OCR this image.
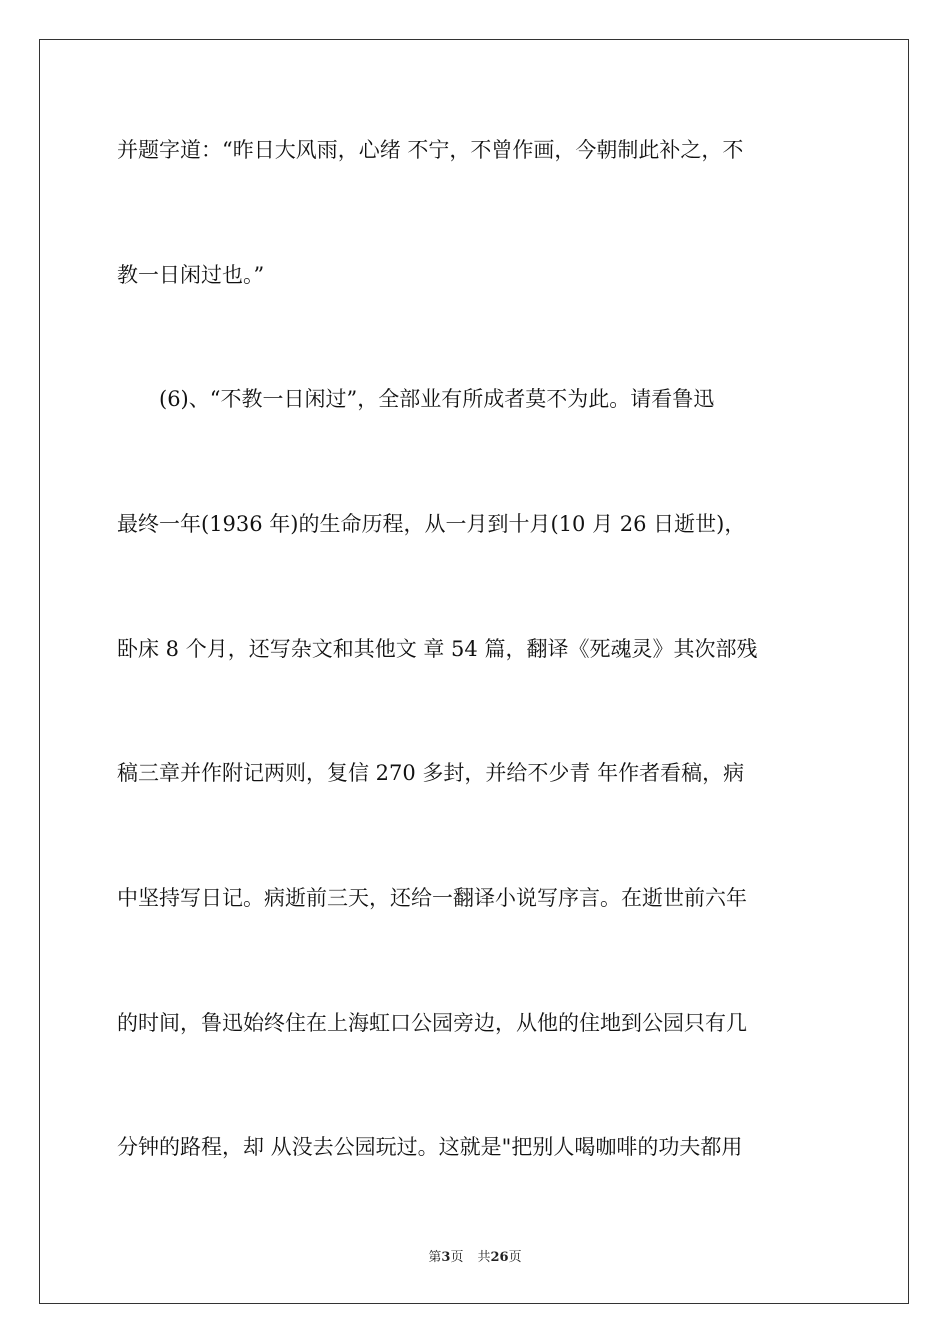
并题字道：“昨日大风雨，心绪 不宁，不曾作画，今朝制此补之，不
教一日闲过也。”
　　(6)、“不教一日闲过”，全部业有所成者莫不为此。请看鲁迅
最终一年(1936 年)的生命历程，从一月到十月(10 月 26 日逝世)，
卧床 8 个月，还写杂文和其他文 章 54 篇，翻译《死魂灵》其次部残
稿三章并作附记两则，复信 270 多封，并给不少青 年作者看稿，病
中坚持写日记。病逝前三天，还给一翻译小说写序言。在逝世前六年
的时间，鲁迅始终住在上海虹口公园旁边，从他的住地到公园只有几
分钟的路程，却 从没去公园玩过。这就是"把别人喝咖啡的功夫都用
第3页 共26页
